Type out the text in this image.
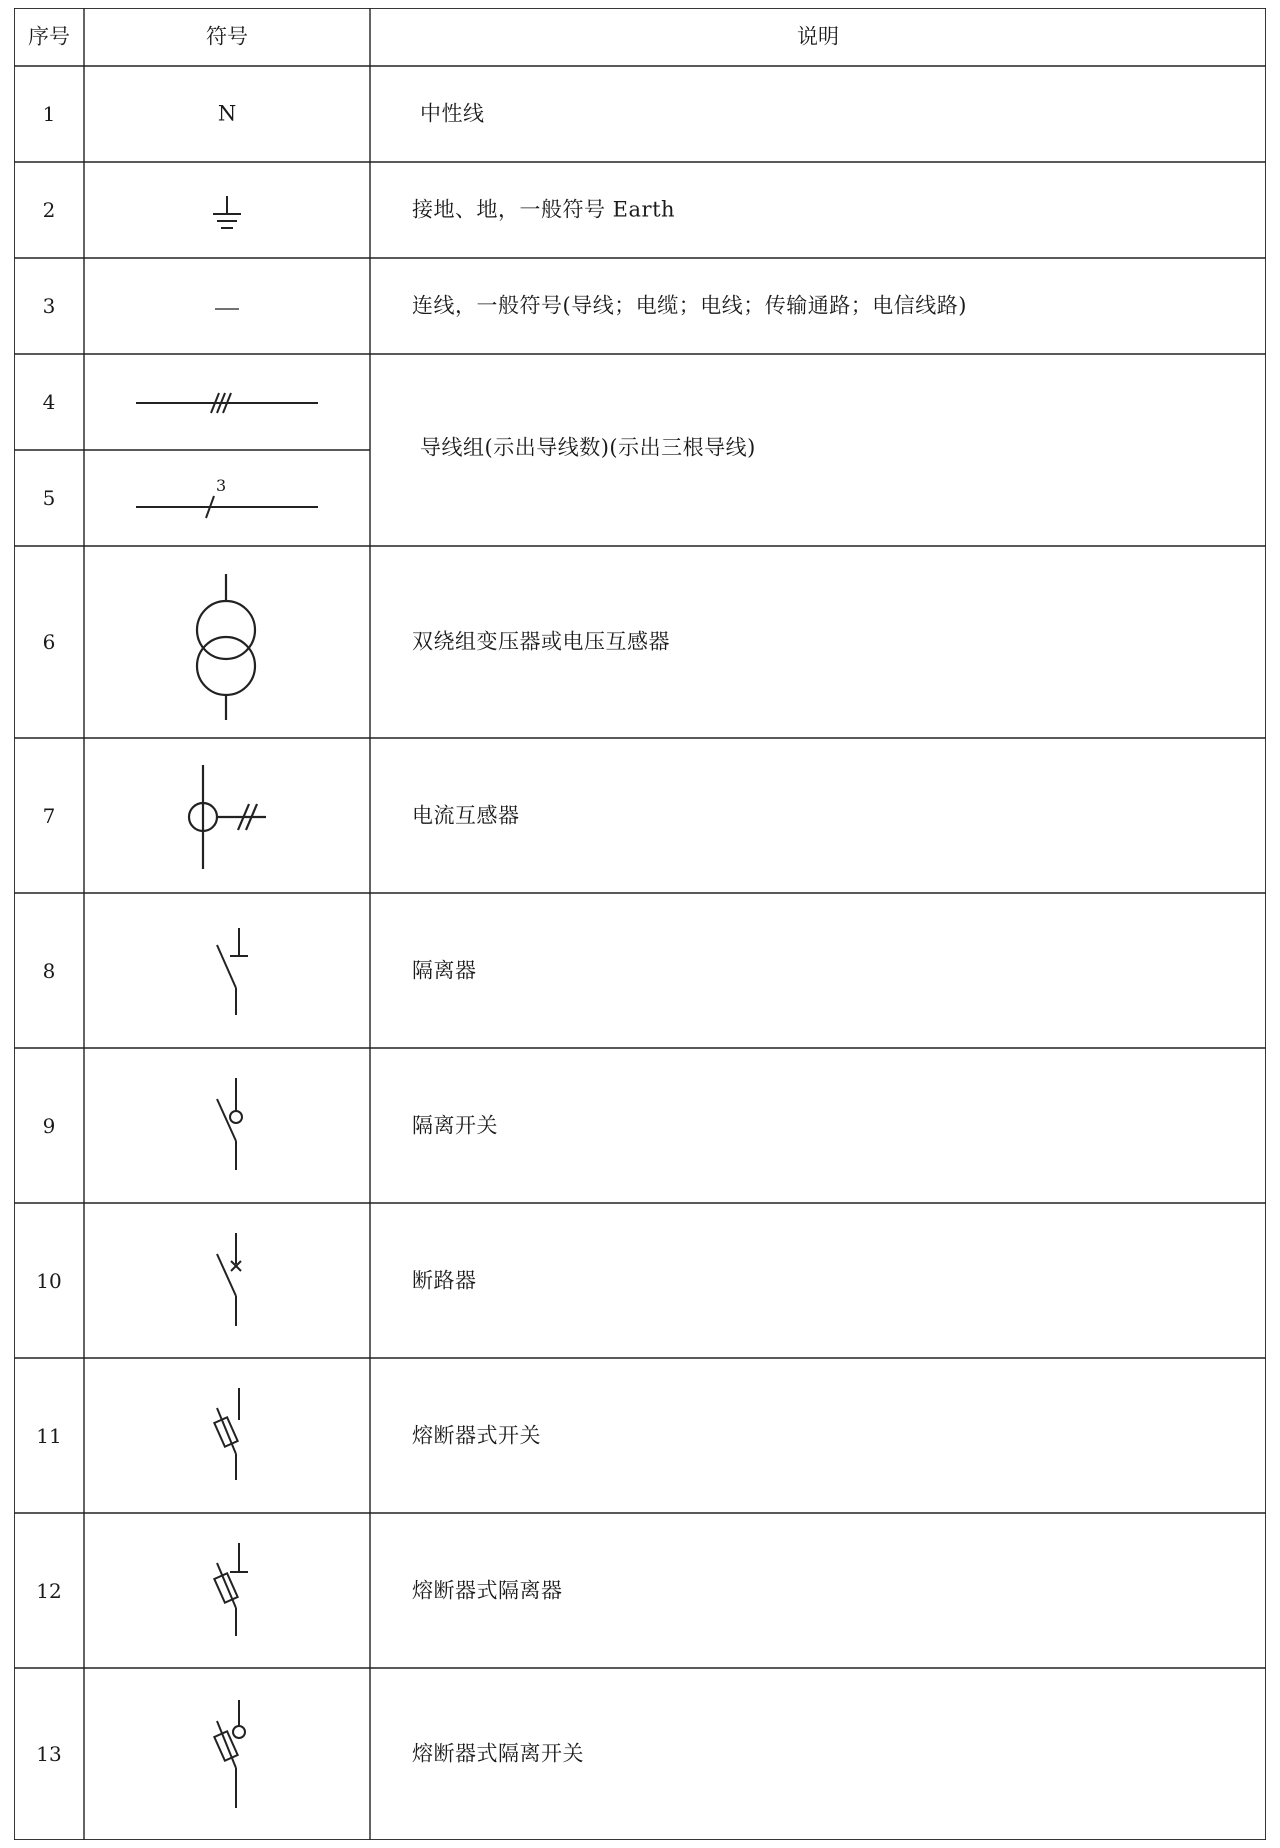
序号	符号	说明
1
2
3
4
5
6
7
8
9
10
11
12
13
N
3
中性线
接地、地，一般符号 Earth
连线，一般符号(导线；电缆；电线；传输通路；电信线路)
导线组(示出导线数)(示出三根导线)
双绕组变压器或电压互感器
电流互感器
隔离器
隔离开关
断路器
熔断器式开关
熔断器式隔离器
熔断器式隔离开关
